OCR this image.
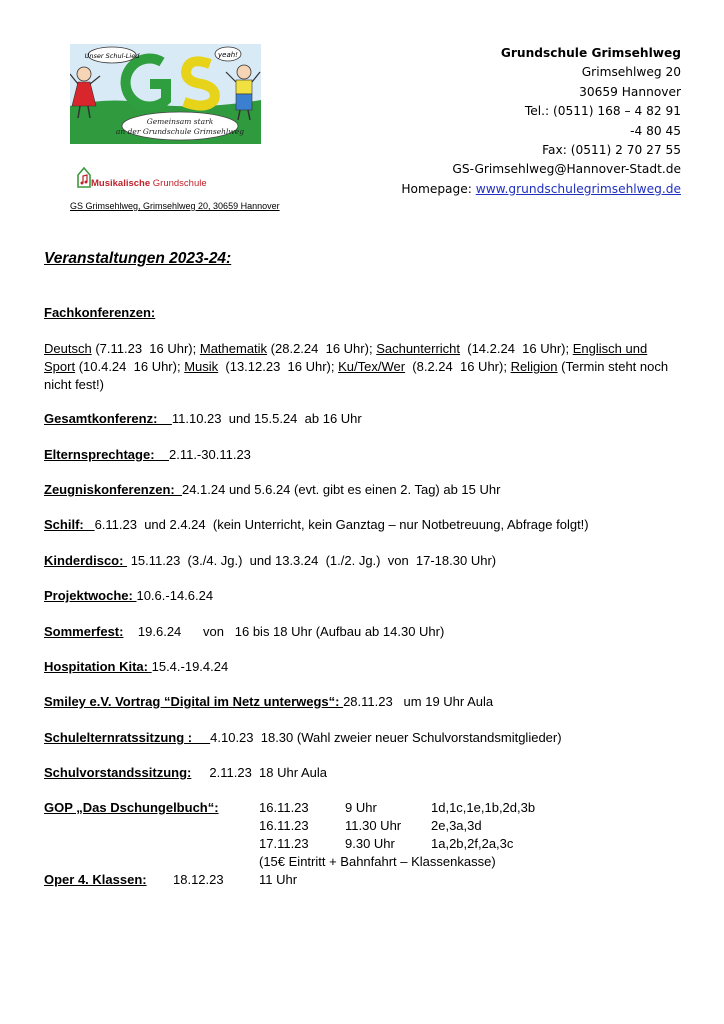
Gemeinsam stark
an der Grundschule Grimsehlweg
Unser Schul-Lied	yeah!
Musikalische Grundschule
GS Grimsehlweg, Grimsehlweg 20, 30659 Hannover
Grundschule Grimsehlweg
Grimsehlweg 20
30659 Hannover
Tel.: (0511) 168 – 4 82 91
-4 80 45
Fax: (0511) 2 70 27 55
GS-Grimsehlweg@Hannover-Stadt.de
Homepage: www.grundschulegrimsehlweg.de
Veranstaltungen 2023-24:
Fachkonferenzen:
Deutsch (7.11.23  16 Uhr); Mathematik (28.2.24  16 Uhr); Sachunterricht  (14.2.24  16 Uhr); Englisch und Sport (10.4.24  16 Uhr); Musik  (13.12.23  16 Uhr); Ku/Tex/Wer  (8.2.24  16 Uhr); Religion (Termin steht noch nicht fest!)
Gesamtkonferenz:    11.10.23  und 15.5.24  ab 16 Uhr
Elternsprechtage:    2.11.-30.11.23
Zeugniskonferenzen:  24.1.24 und 5.6.24 (evt. gibt es einen 2. Tag) ab 15 Uhr
Schilf:   6.11.23  und 2.4.24  (kein Unterricht, kein Ganztag – nur Notbetreuung, Abfrage folgt!)
Kinderdisco:  15.11.23  (3./4. Jg.)  und 13.3.24  (1./2. Jg.)  von  17-18.30 Uhr)
Projektwoche: 10.6.-14.6.24
Sommerfest:    19.6.24      von   16 bis 18 Uhr (Aufbau ab 14.30 Uhr)
Hospitation Kita: 15.4.-19.4.24
Smiley e.V. Vortrag “Digital im Netz unterwegs“: 28.11.23   um 19 Uhr Aula
Schulelternratssitzung :     4.10.23  18.30 (Wahl zweier neuer Schulvorstandsmitglieder)
Schulvorstandssitzung:     2.11.23  18 Uhr Aula
GOP „Das Dschungelbuch“:	16.11.23	9 Uhr	1d,1c,1e,1b,2d,3b
16.11.23	11.30 Uhr 2e,3a,3d
17.11.23	9.30 Uhr	1a,2b,2f,2a,3c
(15€ Eintritt + Bahnfahrt – Klassenkasse)
Oper 4. Klassen: 18.12.23	11 Uhr
